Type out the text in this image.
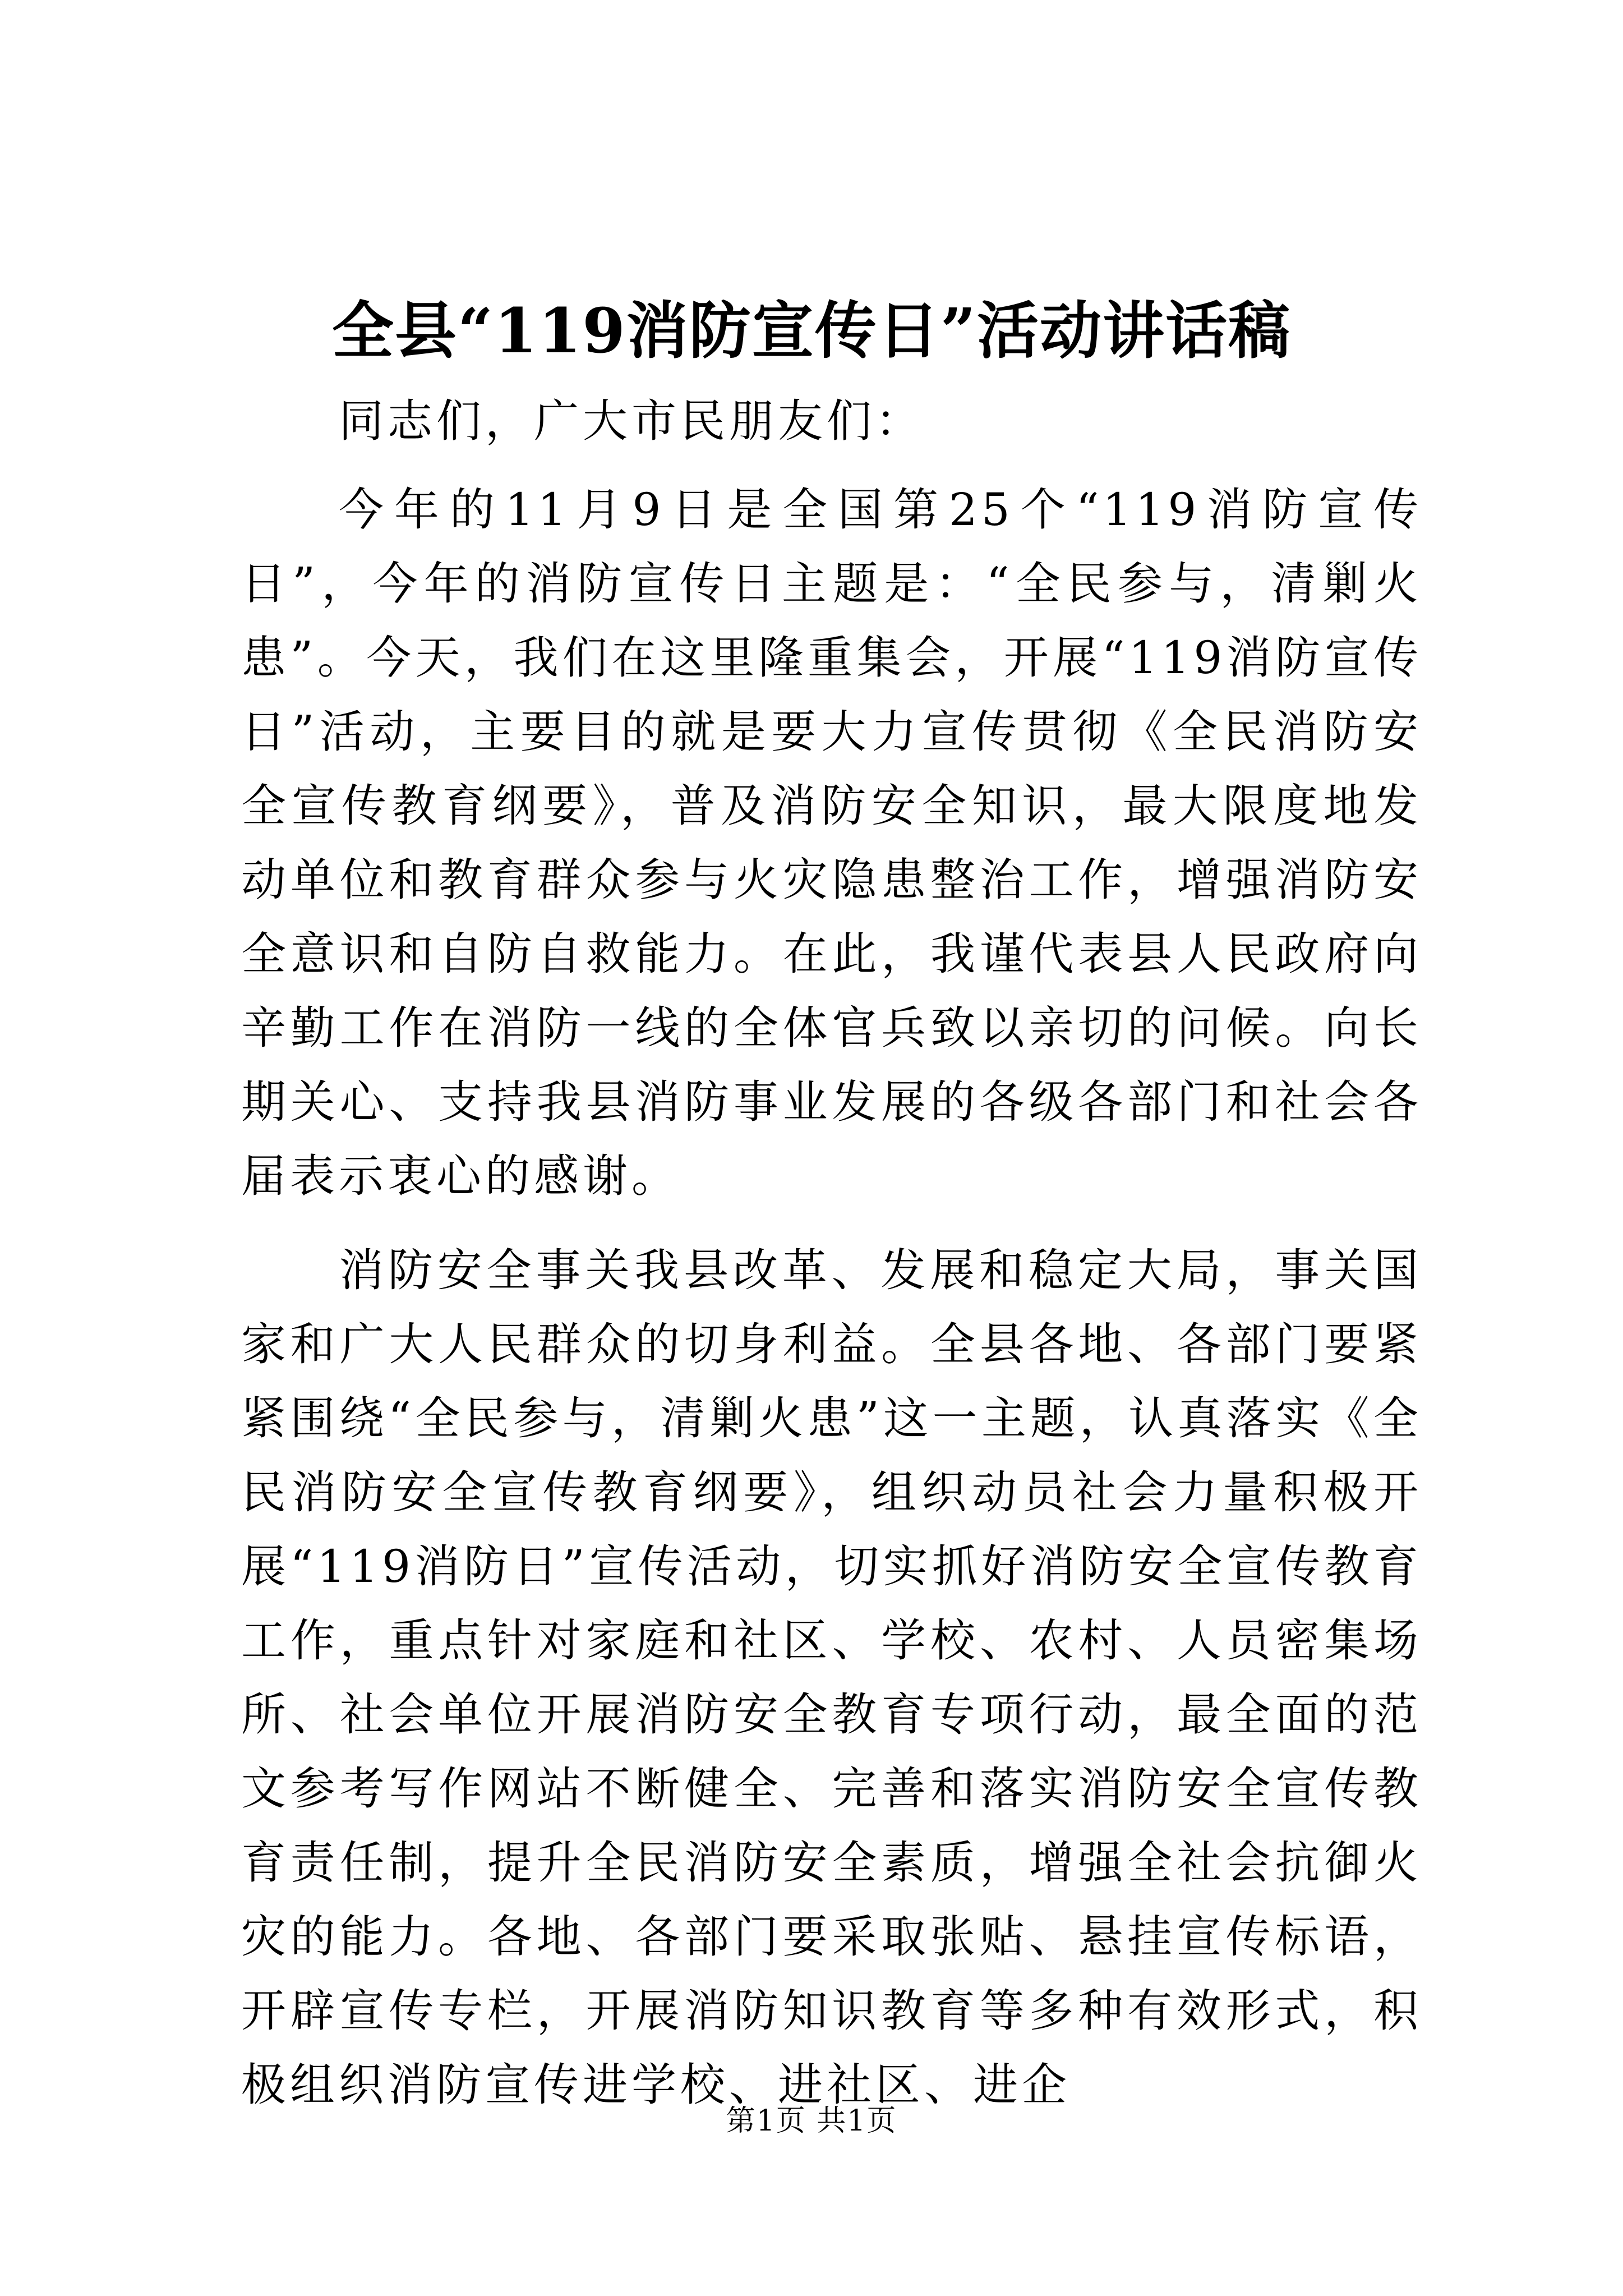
全县“119消防宣传日”活动讲话稿

同志们，广大市民朋友们：

今年的11月9日是全国第25个“119消防宣传日”，今年的消防宣传日主题是：“全民参与，清剿火患”。今天，我们在这里隆重集会，开展“119消防宣传日”活动，主要目的就是要大力宣传贯彻《全民消防安全宣传教育纲要》，普及消防安全知识，最大限度地发动单位和教育群众参与火灾隐患整治工作，增强消防安全意识和自防自救能力。在此，我谨代表县人民政府向辛勤工作在消防一线的全体官兵致以亲切的问候。向长期关心、支持我县消防事业发展的各级各部门和社会各届表示衷心的感谢。

消防安全事关我县改革、发展和稳定大局，事关国家和广大人民群众的切身利益。全县各地、各部门要紧紧围绕“全民参与，清剿火患”这一主题，认真落实《全民消防安全宣传教育纲要》，组织动员社会力量积极开展“119消防日”宣传活动，切实抓好消防安全宣传教育工作，重点针对家庭和社区、学校、农村、人员密集场所、社会单位开展消防安全教育专项行动，最全面的范文参考写作网站不断健全、完善和落实消防安全宣传教育责任制，提升全民消防安全素质，增强全社会抗御火灾的能力。各地、各部门要采取张贴、悬挂宣传标语，开辟宣传专栏，开展消防知识教育等多种有效形式，积极组织消防宣传进学校、进社区、进企

第1页 共1页
